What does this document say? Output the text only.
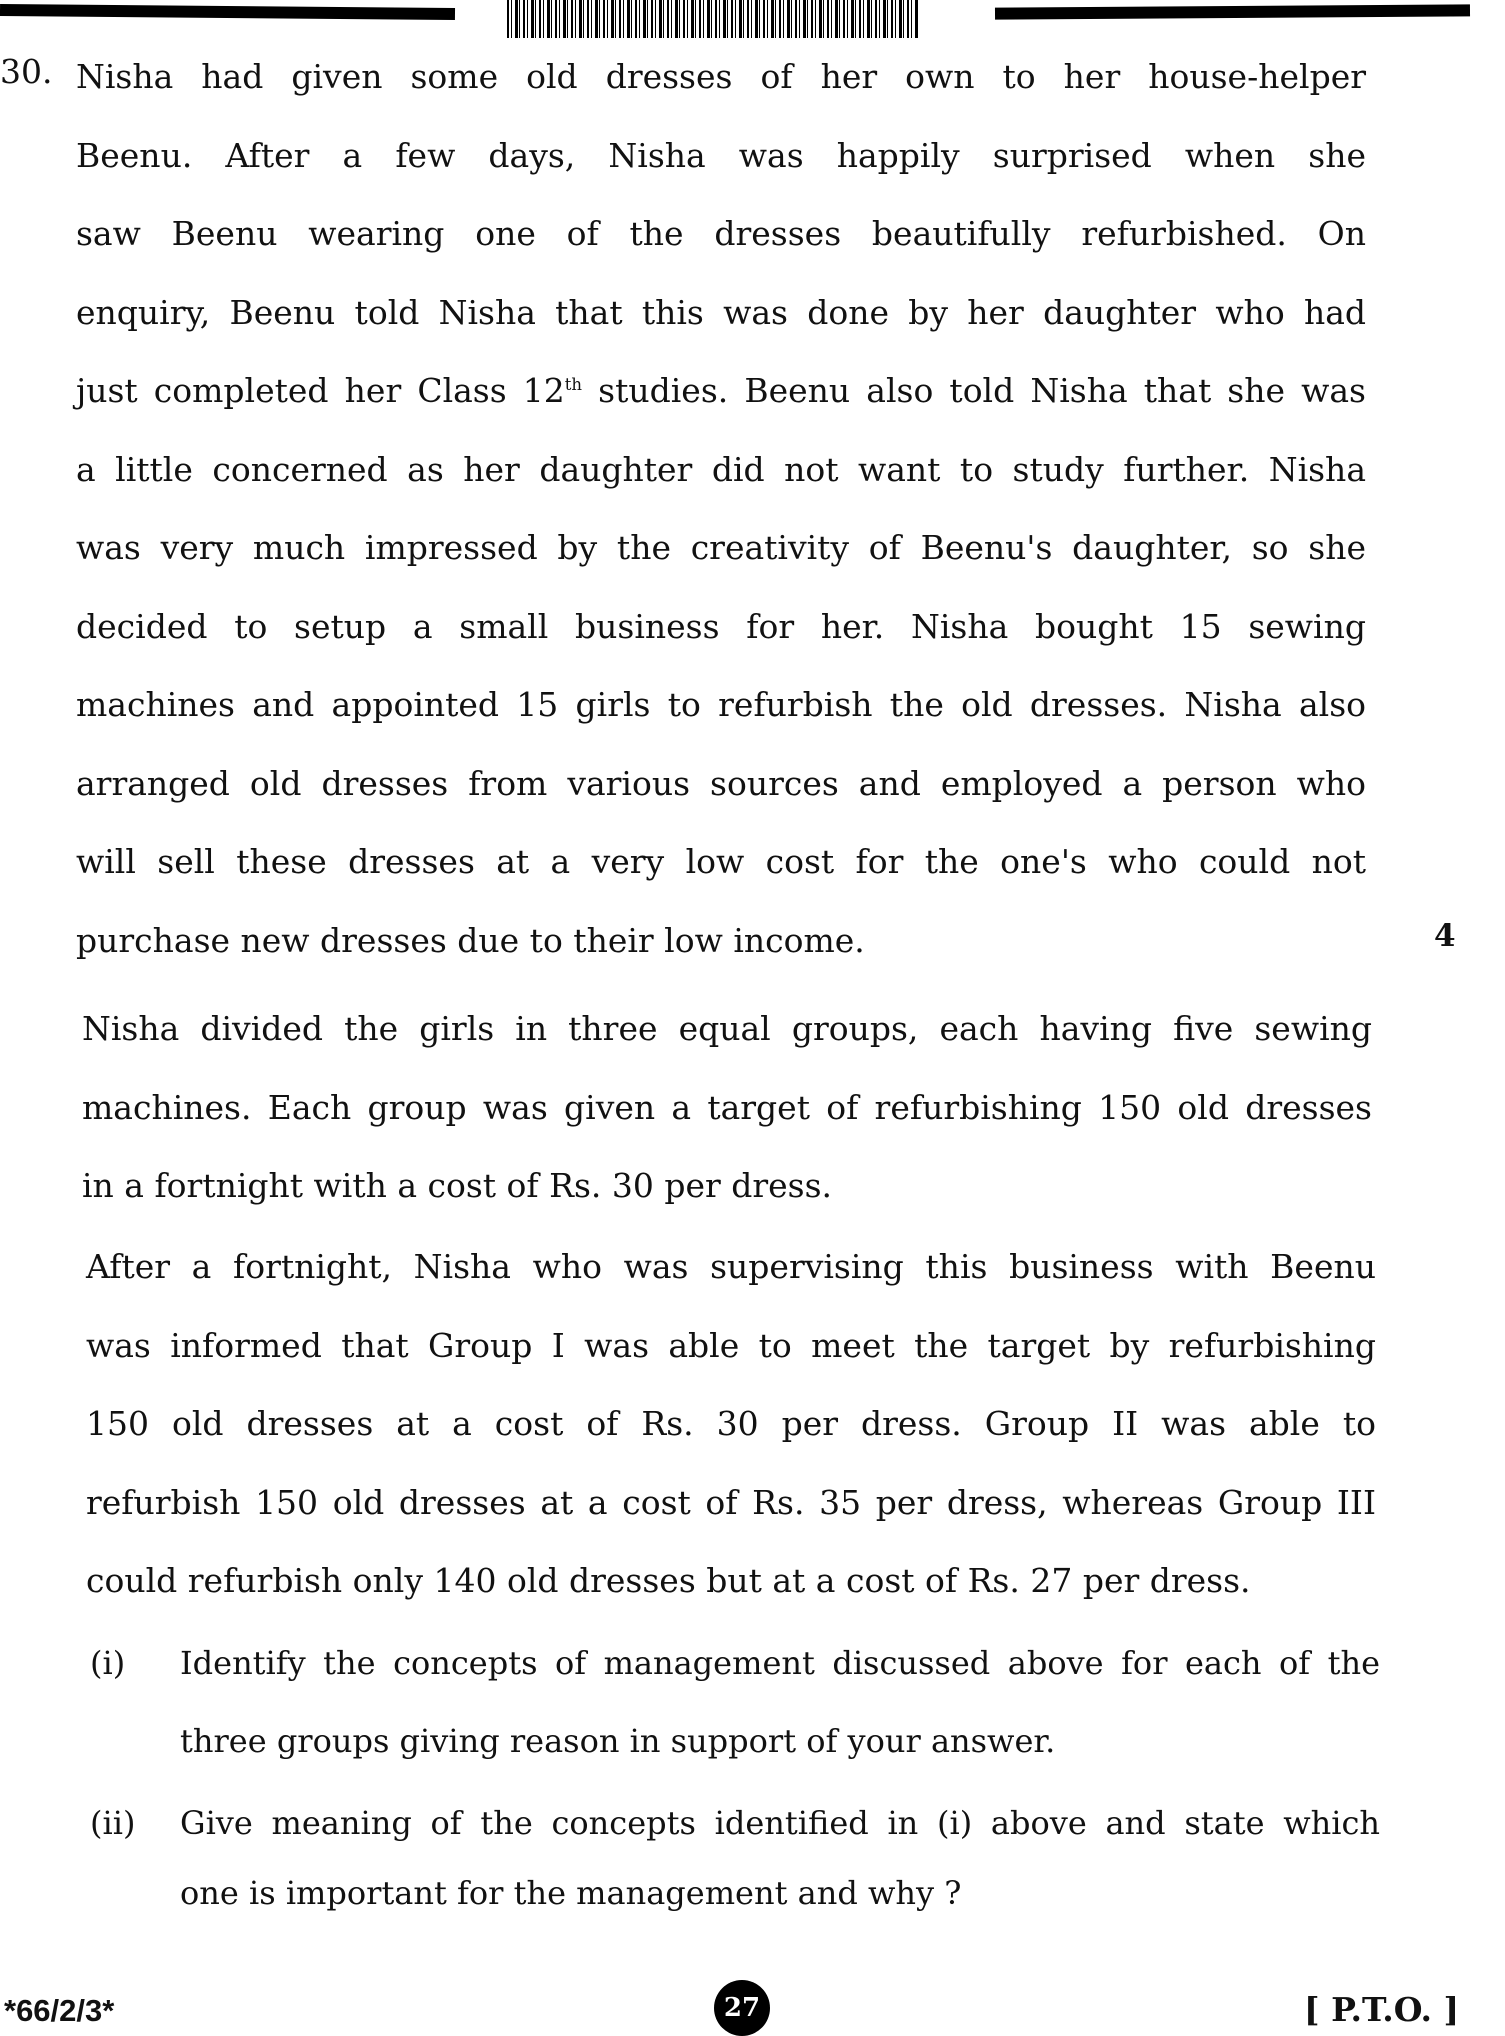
30. Nisha had given some old dresses of her own to her house-helper
Beenu. After a few days, Nisha was happily surprised when she
saw Beenu wearing one of the dresses beautifully refurbished. On
enquiry, Beenu told Nisha that this was done by her daughter who had
just completed her Class 12th studies. Beenu also told Nisha that she was
a little concerned as her daughter did not want to study further. Nisha
was very much impressed by the creativity of Beenu's daughter, so she
decided to setup a small business for her. Nisha bought 15 sewing
machines and appointed 15 girls to refurbish the old dresses. Nisha also
arranged old dresses from various sources and employed a person who
will sell these dresses at a very low cost for the one's who could not
purchase new dresses due to their low income.	4
Nisha divided the girls in three equal groups, each having five sewing
machines. Each group was given a target of refurbishing 150 old dresses
in a fortnight with a cost of Rs. 30 per dress.
After a fortnight, Nisha who was supervising this business with Beenu
was informed that Group I was able to meet the target by refurbishing
150 old dresses at a cost of Rs. 30 per dress. Group II was able to
refurbish 150 old dresses at a cost of Rs. 35 per dress, whereas Group III
could refurbish only 140 old dresses but at a cost of Rs. 27 per dress.
(i) Identify the concepts of management discussed above for each of the
three groups giving reason in support of your answer.
(ii) Give meaning of the concepts identified in (i) above and state which
one is important for the management and why ?
*66/2/3*	27	[ P.T.O. ]
